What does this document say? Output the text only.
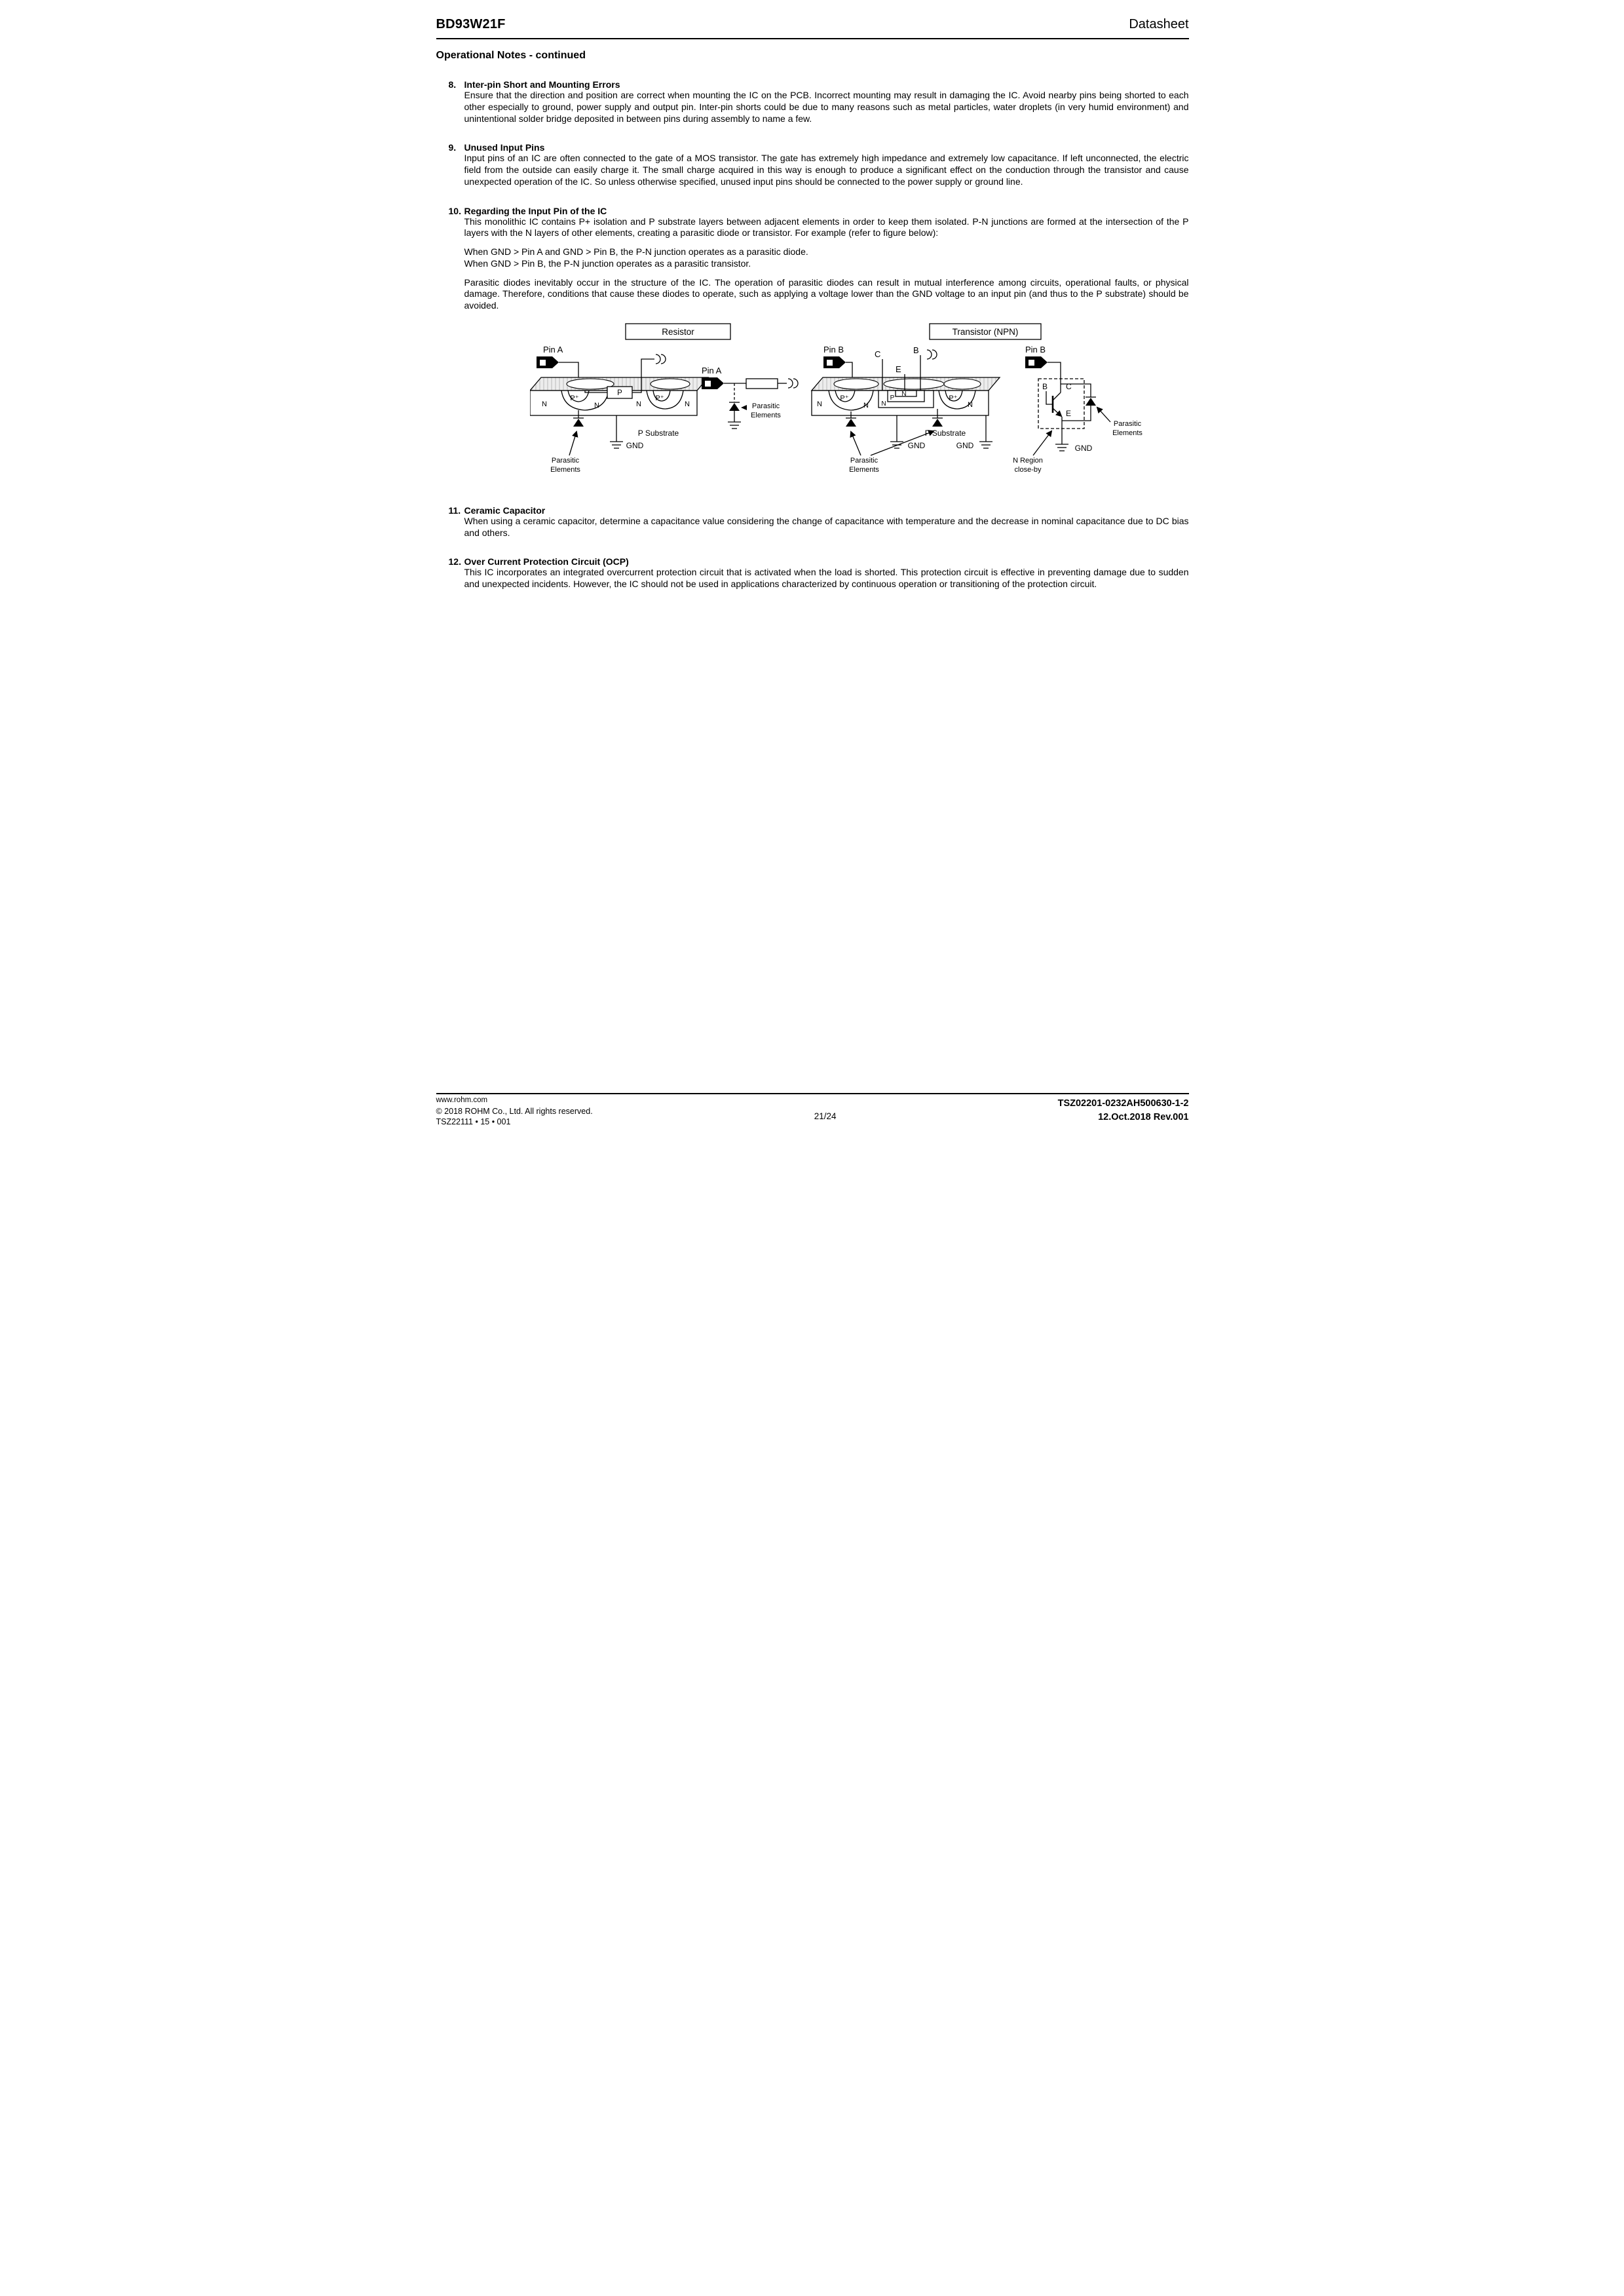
BD93W21F	Datasheet
Operational Notes - continued
8. Inter-pin Short and Mounting Errors

Ensure that the direction and position are correct when mounting the IC on the PCB. Incorrect mounting may result in damaging the IC. Avoid nearby pins being shorted to each other especially to ground, power supply and output pin. Inter-pin shorts could be due to many reasons such as metal particles, water droplets (in very humid environment) and unintentional solder bridge deposited in between pins during assembly to name a few.

9. Unused Input Pins

Input pins of an IC are often connected to the gate of a MOS transistor. The gate has extremely high impedance and extremely low capacitance. If left unconnected, the electric field from the outside can easily charge it. The small charge acquired in this way is enough to produce a significant effect on the conduction through the transistor and cause unexpected operation of the IC. So unless otherwise specified, unused input pins should be connected to the power supply or ground line.

10. Regarding the Input Pin of the IC

This monolithic IC contains P+ isolation and P substrate layers between adjacent elements in order to keep them isolated. P-N junctions are formed at the intersection of the P layers with the N layers of other elements, creating a parasitic diode or transistor. For example (refer to figure below):

When GND > Pin A and GND > Pin B, the P-N junction operates as a parasitic diode.

When GND > Pin B, the P-N junction operates as a parasitic transistor.

Parasitic diodes inevitably occur in the structure of the IC. The operation of parasitic diodes can result in mutual interference among circuits, operational faults, or physical damage. Therefore, conditions that cause these diodes to operate, such as applying a voltage lower than the GND voltage to an input pin (and thus to the P substrate) should be avoided.

Resistor
Pin A
N
P⁺
N	N
P⁺
N
P
Pin A
Parasitic
Elements
P Substrate
GND
Parasitic
Elements
Transistor (NPN)
Pin B
N
P⁺
N N
P
N
P⁺
N
C	B
E
P Substrate
GND	GND
Parasitic
Elements
Pin B
B C
E
GND
Parasitic
Elements
N Region
close-by
11. Ceramic Capacitor

When using a ceramic capacitor, determine a capacitance value considering the change of capacitance with temperature and the decrease in nominal capacitance due to DC bias and others.

12. Over Current Protection Circuit (OCP)

This IC incorporates an integrated overcurrent protection circuit that is activated when the load is shorted. This protection circuit is effective in preventing damage due to sudden and unexpected incidents. However, the IC should not be used in applications characterized by continuous operation or transitioning of the protection circuit.

www.rohm.com
© 2018 ROHM Co., Ltd. All rights reserved.
TSZ22111 • 15 • 001
21/24
TSZ02201-0232AH500630-1-2
12.Oct.2018 Rev.001
